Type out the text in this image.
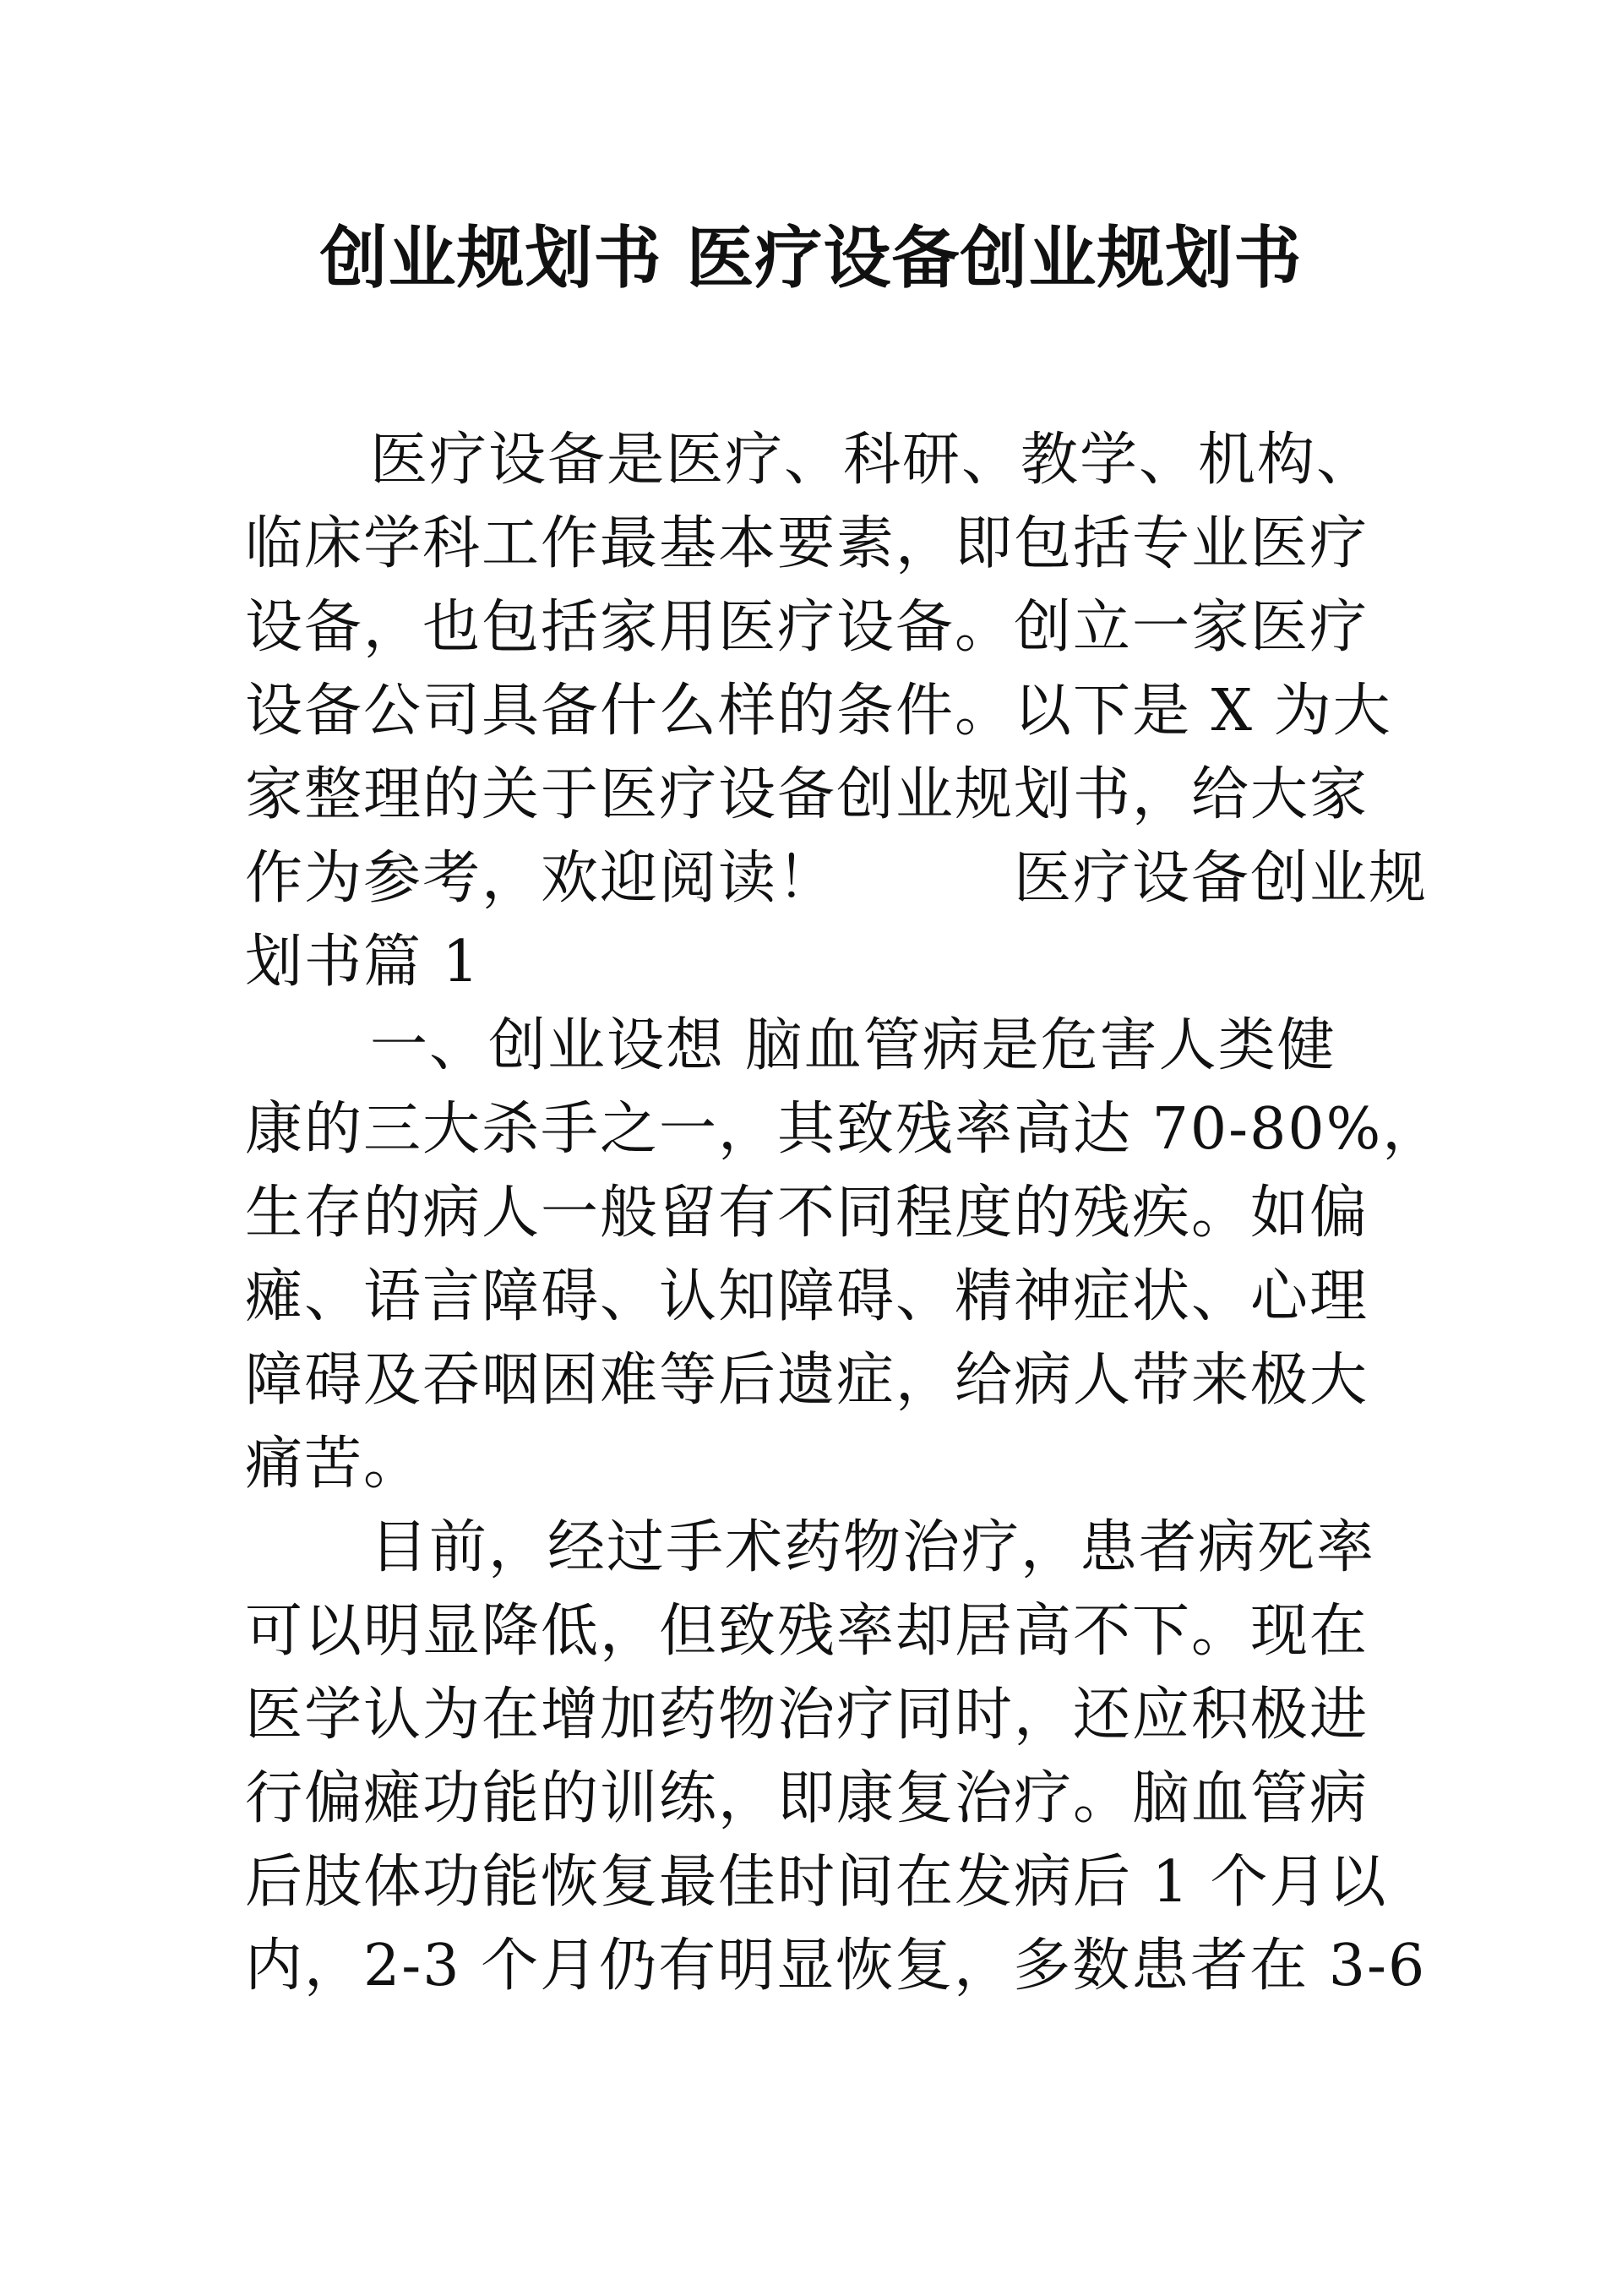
创业规划书 医疗设备创业规划书
医疗设备是医疗、科研、教学、机构、
临床学科工作最基本要素，即包括专业医疗
设备，也包括家用医疗设备。创立一家医疗
设备公司具备什么样的条件。以下是 X 为大
家整理的关于医疗设备创业规划书，给大家
作为参考，欢迎阅读！　　　医疗设备创业规
划书篇 1
一、创业设想 脑血管病是危害人类健
康的三大杀手之一，其致残率高达 70-80%，
生存的病人一般留有不同程度的残疾。如偏
瘫、语言障碍、认知障碍、精神症状、心理
障碍及吞咽困难等后遗症，给病人带来极大
痛苦。
目前，经过手术药物治疗，患者病死率
可以明显降低，但致残率却居高不下。现在
医学认为在增加药物治疗同时，还应积极进
行偏瘫功能的训练，即康复治疗。脑血管病
后肢体功能恢复最佳时间在发病后 1 个月以
内，2-3 个月仍有明显恢复，多数患者在 3-6
